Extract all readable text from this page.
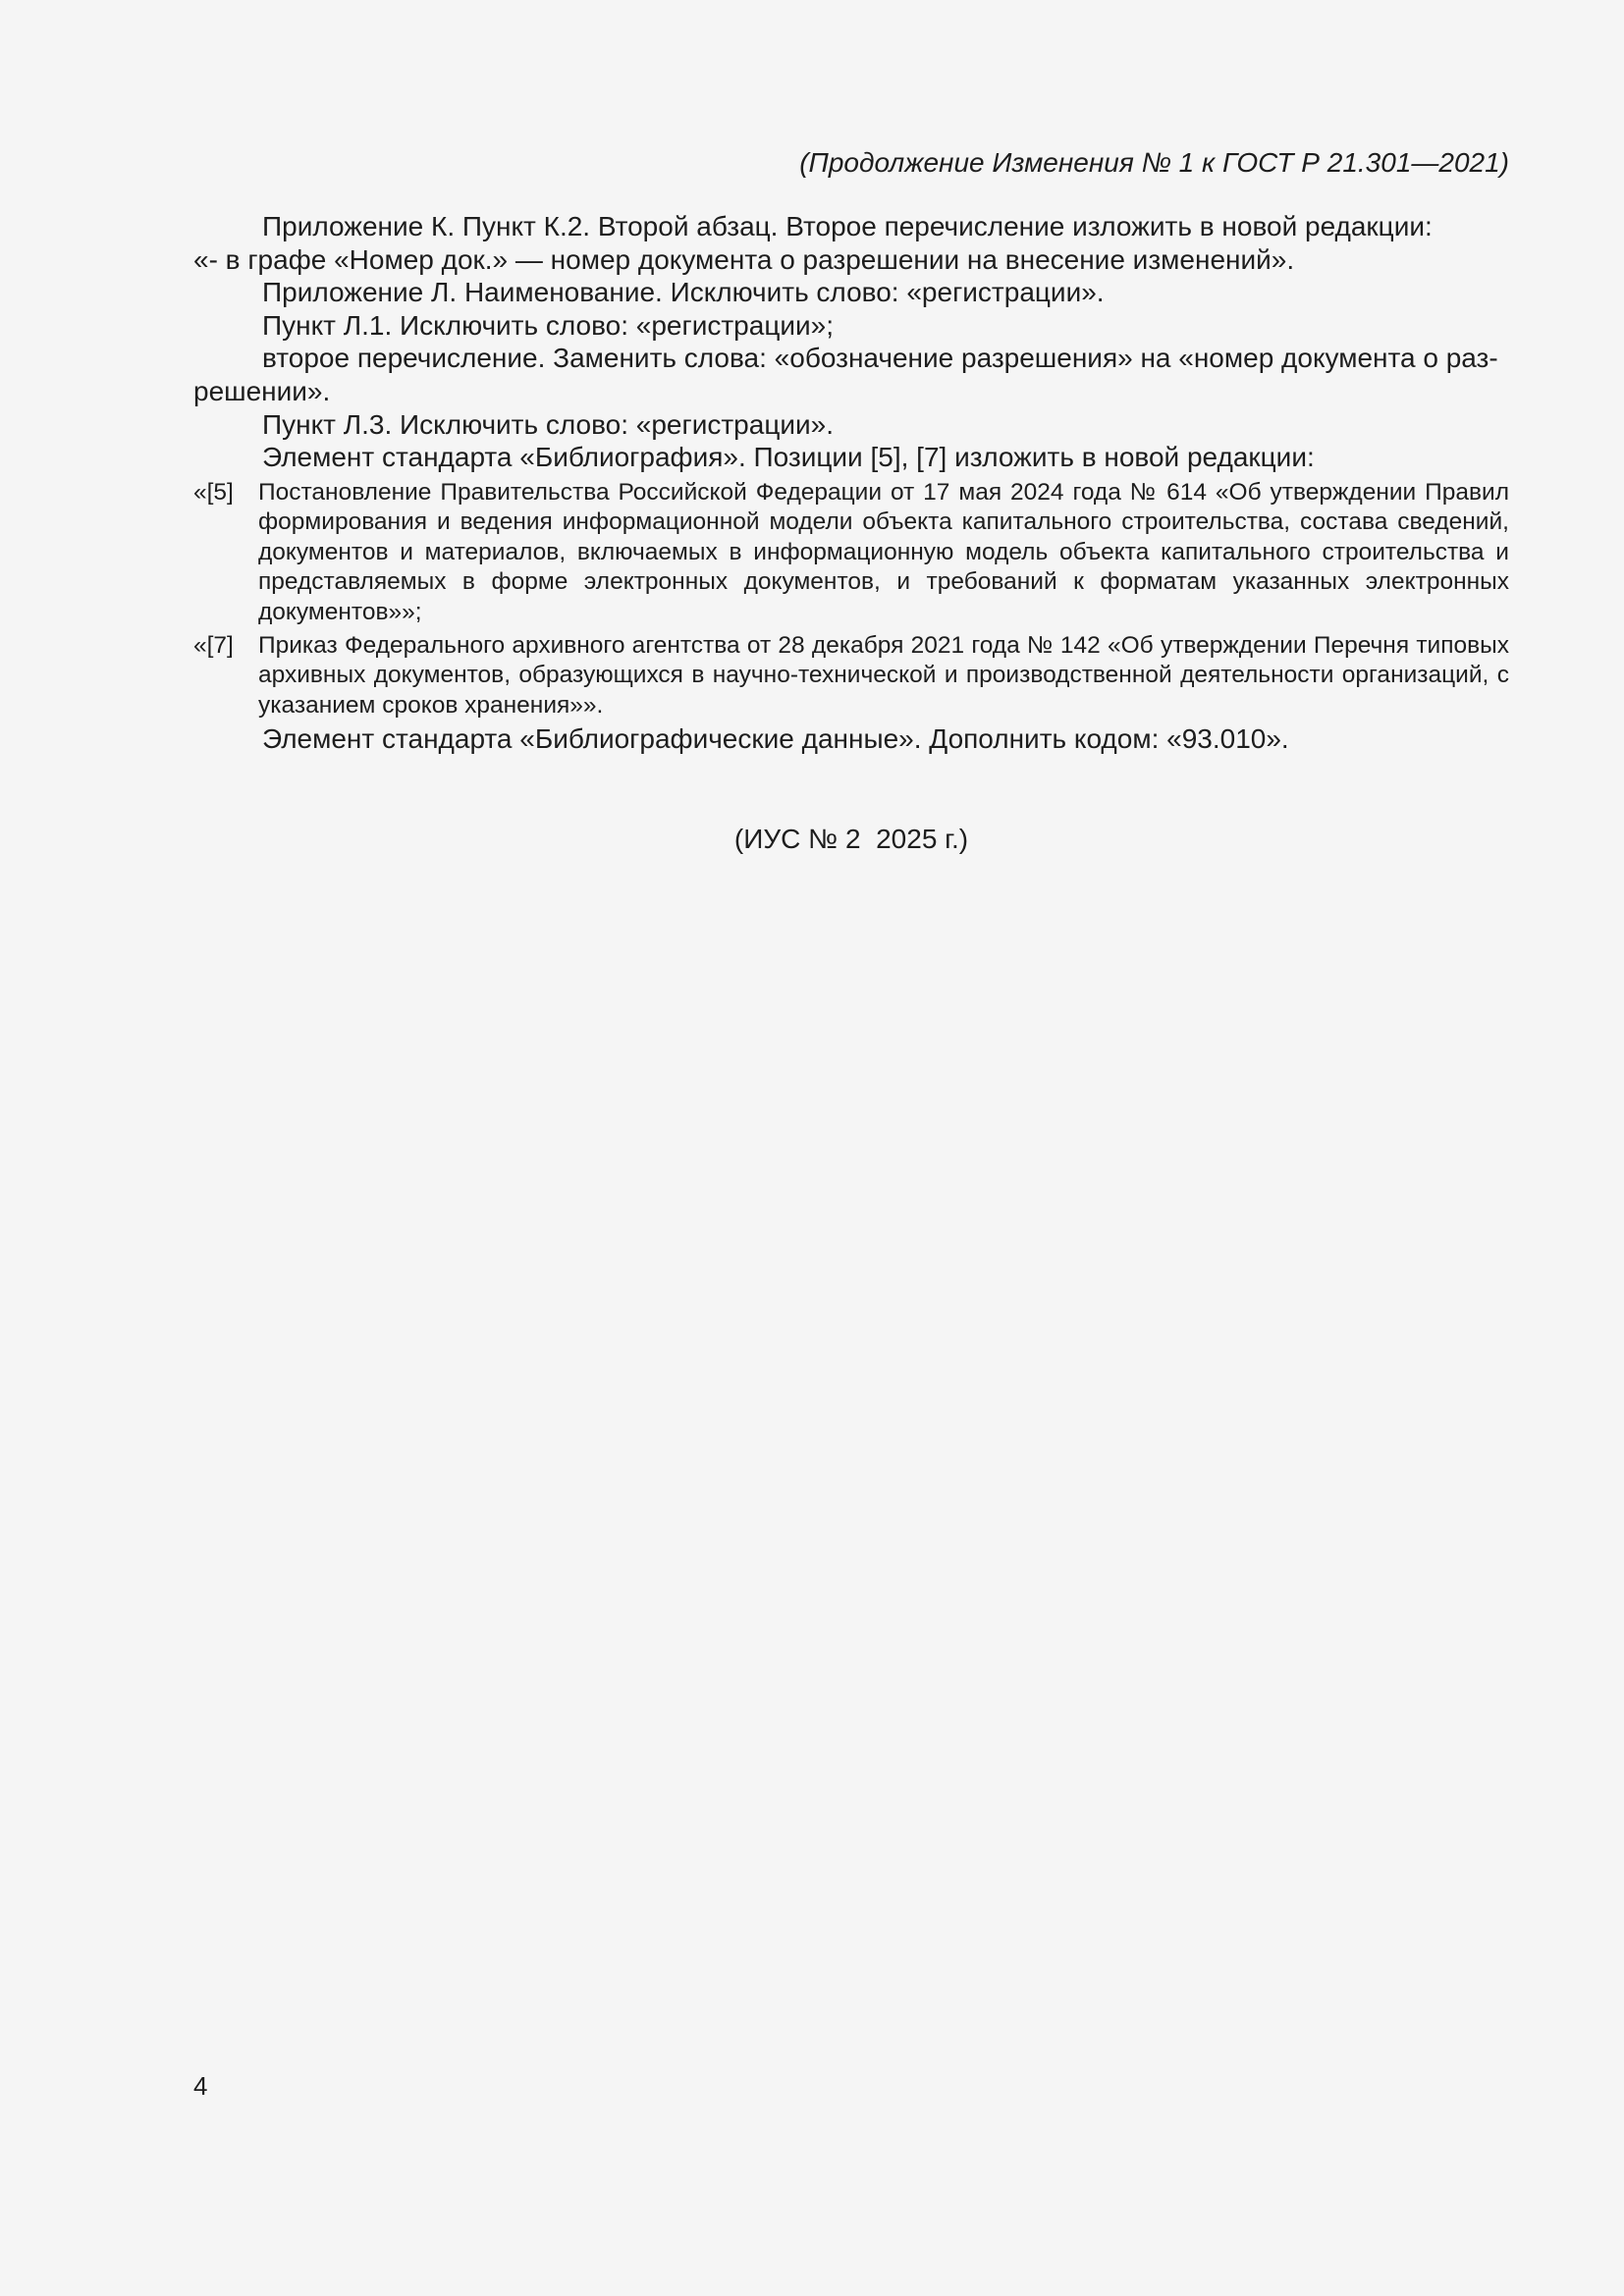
(Продолжение Изменения № 1 к ГОСТ Р 21.301—2021)

Приложение К. Пункт К.2. Второй абзац. Второе перечисление изложить в новой редакции:

«- в графе «Номер док.» — номер документа о разрешении на внесение изменений».

Приложение Л. Наименование. Исключить слово: «регистрации».

Пункт Л.1. Исключить слово: «регистрации»;

второе перечисление. Заменить слова: «обозначение разрешения» на «номер документа о раз-
решении».

Пункт Л.3. Исключить слово: «регистрации».

Элемент стандарта «Библиография». Позиции [5], [7] изложить в новой редакции:

«[5]	Постановление Правительства Российской Федерации от 17 мая 2024 года № 614 «Об утверждении Правил формирования и ведения информационной модели объекта капитального строительства, состава сведений, документов и материалов, включаемых в информационную модель объекта капитального строительства и представляемых в форме электронных документов, и требований к форматам указанных электронных документов»»;
«[7]	Приказ Федерального архивного агентства от 28 декабря 2021 года № 142 «Об утверждении Перечня типовых архивных документов, образующихся в научно-технической и производственной деятельности организаций, с указанием сроков хранения»».

Элемент стандарта «Библиографические данные». Дополнить кодом: «93.010».

(ИУС № 2  2025 г.)
4
